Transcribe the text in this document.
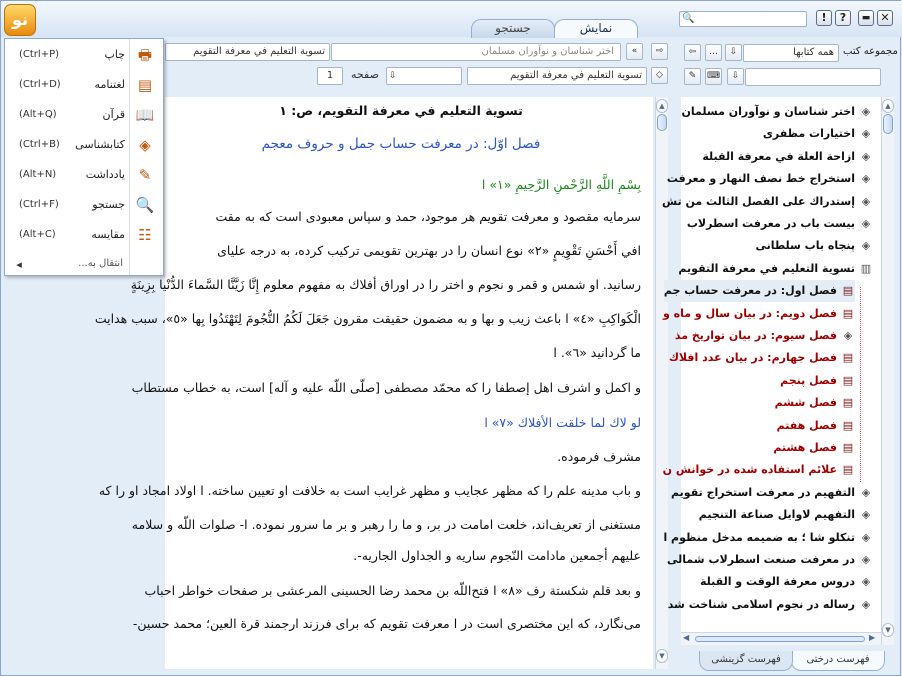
نو	جستجو	نمایش
🔍	!	?	▬ ✕
⇨
«
اختر شناسان و نوآوران مسلمان
تسوية التعليم في معرفة التقويم
◇
تسوية التعليم في معرفة التقويم
⇩
صفحه
1
مجموعه كتب
همه كتابها
⇩
…
⇦
⇩
⌨
✎
تسوية التعليم في معرفة التقويم، ص: ١
فصل اوّل: در معرفت حساب جمل و حروف معجم
بِسْمِ اللَّهِ الرَّحْمنِ الرَّحِيمِ «١» ا
سرمايه مقصود و معرفت تقويم هر موجود، حمد و سپاس معبودى است كه به مقت
افي أَحْسَنِ تَقْوِيمٍ «٢» نوع انسان را در بهترين تقويمى تركيب كرده، به درجه علياى
رسانيد. او شمس و قمر و نجوم و اختر را در اوراق أفلاك به مفهوم معلوم إِنَّا زَيَّنَّا السَّماءَ الدُّنْيا بِزِينَةٍ
الْكَواكِبِ «٤» ا باعث زيب و بها و به مضمون حقيقت مقرون جَعَلَ لَكُمُ النُّجُومَ لِتَهْتَدُوا بِها «٥»، سبب هدايت
ما گردانيد «٦». ا
و اكمل و اشرف اهل إصطفا را كه محمّد مصطفى [صلّى اللّه عليه و آله] است، به خطاب مستطاب
لو لاك لما خلقت الأفلاك «٧» ا
مشرف فرموده.
و باب مدينه علم را كه مظهر عجايب و مظهر غرايب است به خلافت او تعيين ساخته. ا اولاد امجاد او را كه
مستغنى از تعريف‌اند، خلعت امامت در بر، و ما را رهبر و بر ما سرور نموده. ا- صلوات اللّه و سلامه
عليهم أجمعين مادامت النّجوم ساريه و الجداول الجاريه-.
و بعد قلم شكستة رف «٨» ا فتح‌اللّه بن محمد رضا الحسينى المرعشى بر صفحات خواطر احباب
مى‌نگارد، كه اين مختصرى است در ا معرفت تقويم كه براى فرزند ارجمند قرة العين؛ محمد حسين-
▲
▼
◈اختر شناسان و نوآوران مسلمان
◈اختيارات مظفرى
◈ازاحة العلة في معرفة القبلة
◈استخراج خط نصف النهار و معرفت
◈إستدراك على الفصل الثالث من تش
◈بيست باب در معرفت اسطرلاب
◈پنجاه باب سلطانى
▥تسوية التعليم في معرفة التقويم
▤فصل اول: در معرفت حساب جم
▤فصل دويم: در بيان سال و ماه و
◈فصل سيوم: در بيان تواريخ مذ
▤فصل جهارم: در بيان عدد افلاك
▤فصل پنجم
▤فصل ششم
▤فصل هفتم
▤فصل هشتم
▤علائم استفاده شده در خوانش ن
◈التفهيم در معرفت استخراج تقويم
◈التفهيم لاوايل صناعة التنجيم
◈تنكلو شا ؛ به ضميمه مدخل منظوم ا
◈در معرفت صنعت اسطرلاب شمالى
◈دروس معرفة الوقت و القبلة
◈رساله در نجوم اسلامى شناخت شد
▲
▼
◀	▶
فهرست درختى
فهرست گزينشى
🖶
چاپ
(Ctrl+P)
▤
لغتنامه
(Ctrl+D)
📖
قرآن
(Alt+Q)
◈
كتابشناسى
(Ctrl+B)
✎
يادداشت
(Alt+N)
🔍
جستجو
(Ctrl+F)
☷
مقايسه
(Alt+C)
◂	انتقال به...
